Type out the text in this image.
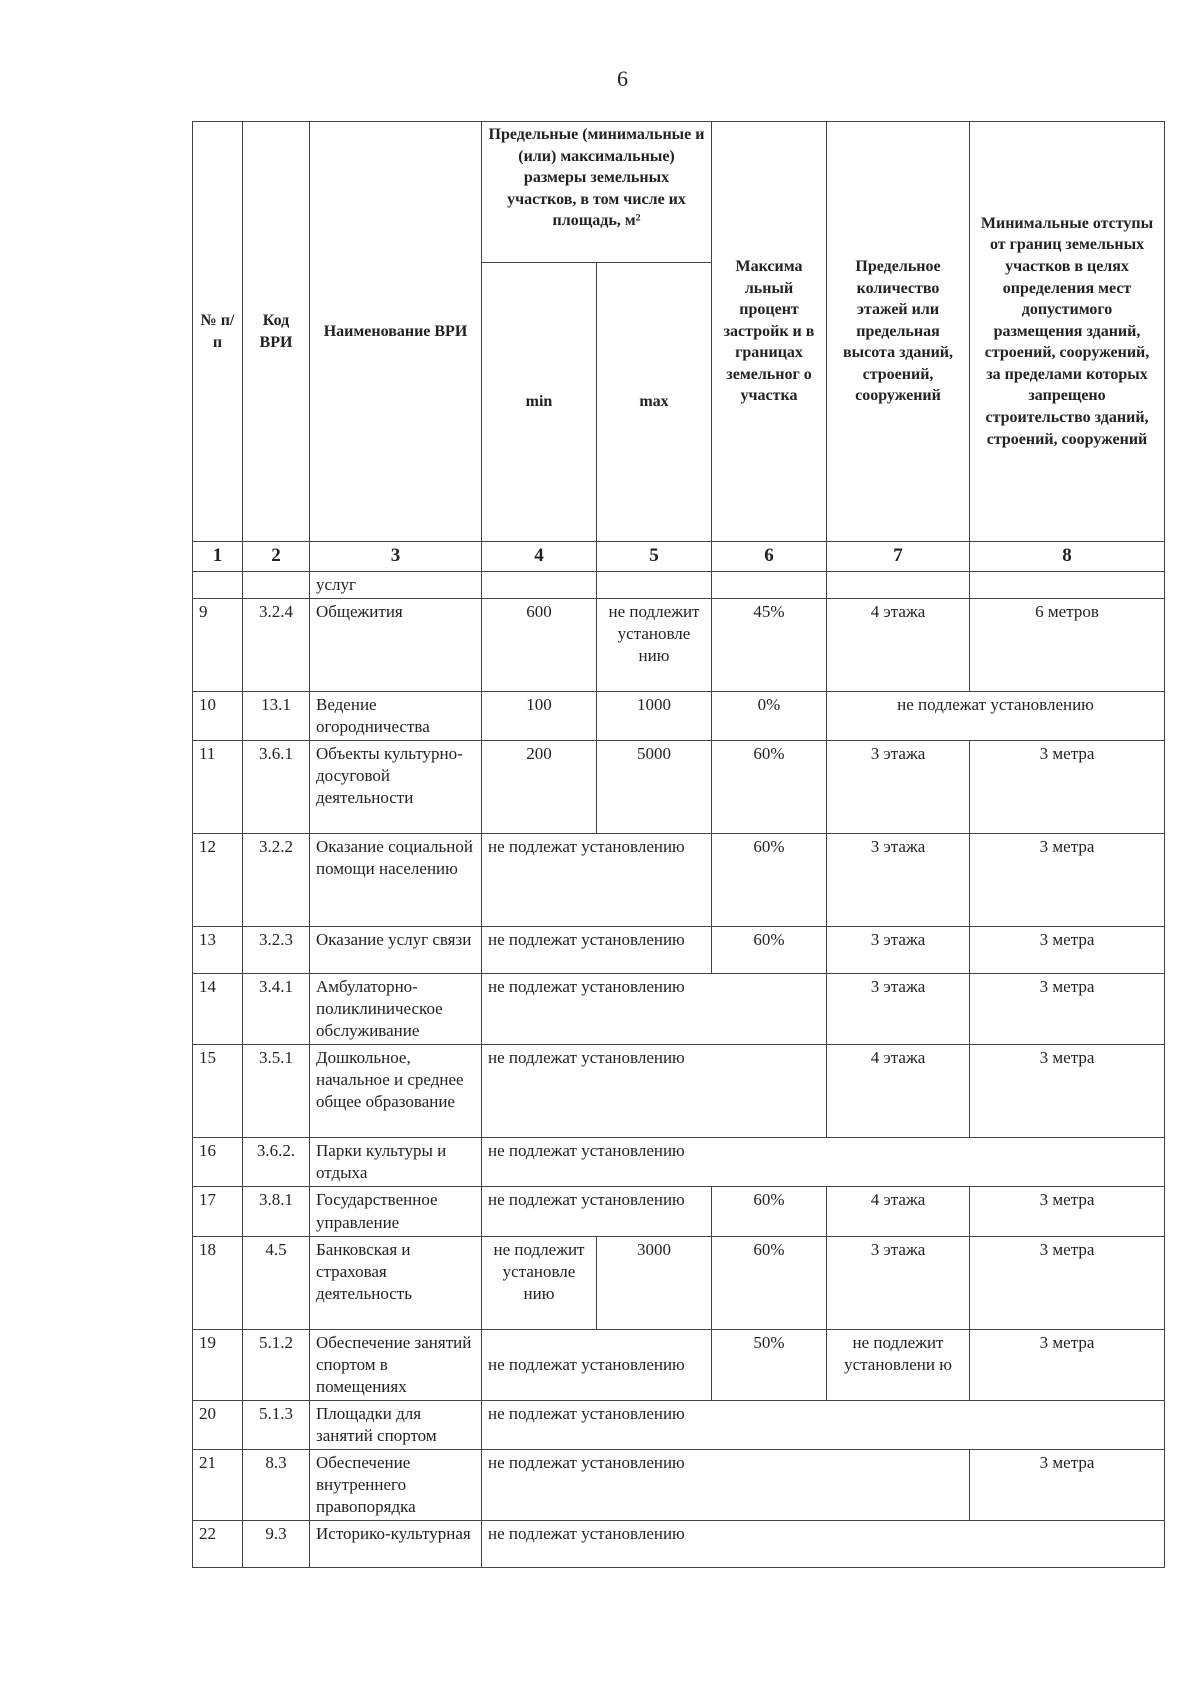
6
№ п/п	Код ВРИ	Наименование ВРИ	Предельные (минимальные и (или) максимальные) размеры земельных участков, в том числе их площадь, м²		Максима льный процент застройк и в границах земельног о участка	Предельное количество этажей или предельная высота зданий, строений, сооружений	Минимальные отступы от границ земельных участков в целях определения мест допустимого размещения зданий, строений, сооружений, за пределами которых запрещено строительство зданий, строений, сооружений
			min	max			
1	2	3	4	5	6	7	8
		услуг					
9	3.2.4	Общежития	600	не подлежит установле нию	45%	4 этажа	6 метров
10	13.1	Ведение огородничества	100	1000	0%	не подлежат установлению	
11	3.6.1	Объекты культурно-досуговой деятельности	200	5000	60%	3 этажа	3 метра
12	3.2.2	Оказание социальной помощи населению	не подлежат установлению		60%	3 этажа	3 метра
13	3.2.3	Оказание услуг связи	не подлежат установлению		60%	3 этажа	3 метра
14	3.4.1	Амбулаторно-поликлиническое обслуживание	не подлежат установлению			3 этажа	3 метра
15	3.5.1	Дошкольное, начальное и среднее общее образование	не подлежат установлению			4 этажа	3 метра
16	3.6.2.	Парки культуры и отдыха	не подлежат установлению				
17	3.8.1	Государственное управление	не подлежат установлению		60%	4 этажа	3 метра
18	4.5	Банковская и страховая деятельность	не подлежит установле нию	3000	60%	3 этажа	3 метра
19	5.1.2	Обеспечение занятий спортом в помещениях	не подлежат установлению		50%	не подлежит установлени ю	3 метра
20	5.1.3	Площадки для занятий спортом	не подлежат установлению				
21	8.3	Обеспечение внутреннего правопорядка	не подлежат установлению				3 метра
22	9.3	Историко-культурная	не подлежат установлению				
